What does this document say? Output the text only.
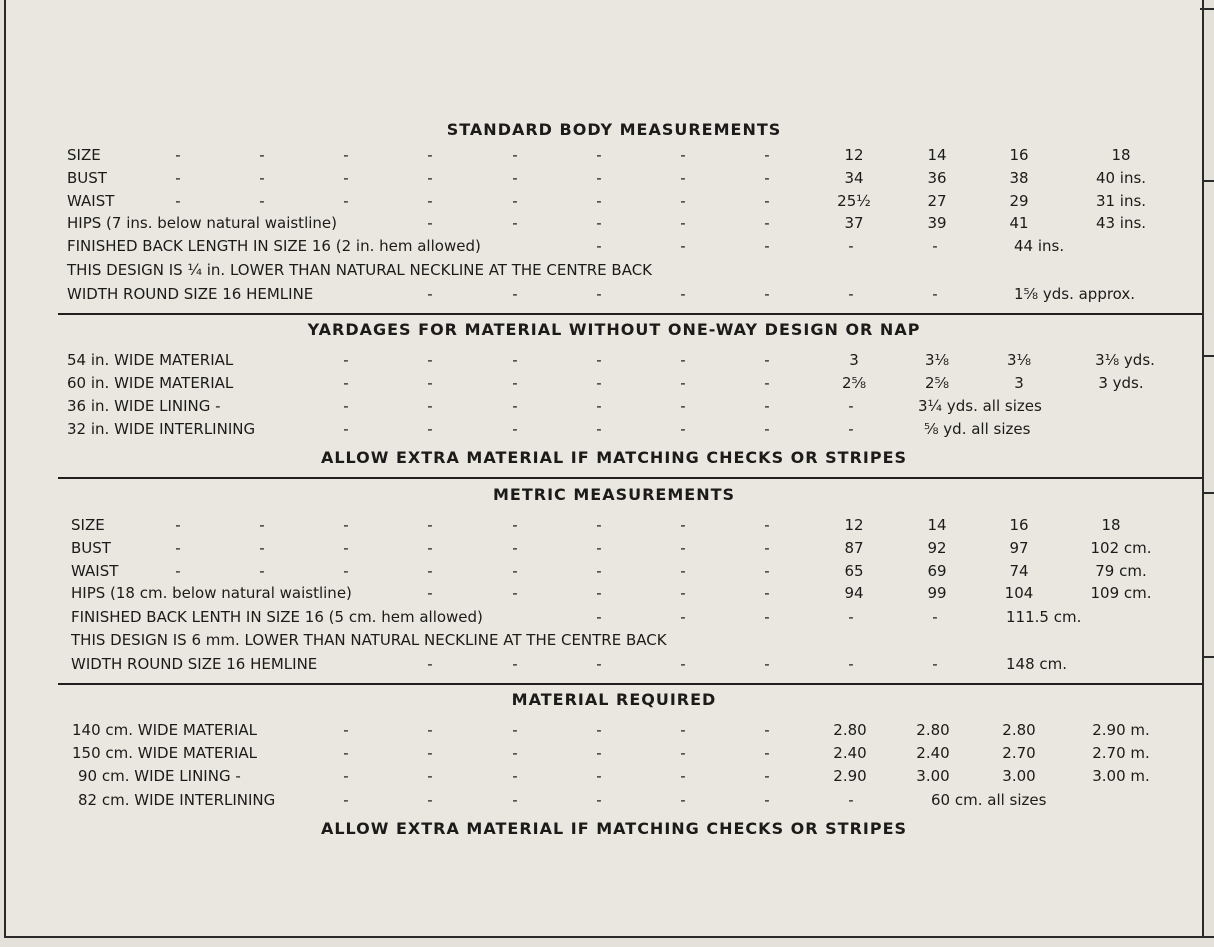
STANDARD BODY MEASUREMENTS
SIZE	12	14	16	18
-	-	-	-	-	-	-	-
BUST	34	36	38	40 ins.
-	-	-	-	-	-	-	-
WAIST	25½	27	29	31 ins.
-	-	-	-	-	-	-	-
HIPS (7 ins. below natural waistline)	37	39	41	43 ins.
-	-	-	-	-
FINISHED BACK LENGTH IN SIZE 16 (2 in. hem allowed)	44 ins.
-	-	-	-	-
THIS DESIGN IS ¼ in. LOWER THAN NATURAL NECKLINE AT THE CENTRE BACK
WIDTH ROUND SIZE 16 HEMLINE	1⅝ yds. approx.
-	-	-	-	-	-	-
YARDAGES FOR MATERIAL WITHOUT ONE-WAY DESIGN OR NAP
54 in. WIDE MATERIAL	3	3⅛	3⅛	3⅛ yds.
-	-	-	-	-	-
60 in. WIDE MATERIAL	2⅝	2⅝	3	3 yds.
-	-	-	-	-	-
36 in. WIDE LINING -	3¼ yds. all sizes
-	-	-	-	-	-	-
32 in. WIDE INTERLINING	⅝ yd. all sizes
-	-	-	-	-	-	-
ALLOW EXTRA MATERIAL IF MATCHING CHECKS OR STRIPES
METRIC MEASUREMENTS
SIZE	12	14	16	18
-	-	-	-	-	-	-	-
BUST	87	92	97	102 cm.
-	-	-	-	-	-	-	-
WAIST	65	69	74	79 cm.
-	-	-	-	-	-	-	-
HIPS (18 cm. below natural waistline)	94	99	104	109 cm.
-	-	-	-	-
FINISHED BACK LENTH IN SIZE 16 (5 cm. hem allowed)	111.5 cm.
-	-	-	-	-
THIS DESIGN IS 6 mm. LOWER THAN NATURAL NECKLINE AT THE CENTRE BACK
WIDTH ROUND SIZE 16 HEMLINE	148 cm.
-	-	-	-	-	-	-
MATERIAL REQUIRED
140 cm. WIDE MATERIAL	2.80	2.80	2.80	2.90 m.
-	-	-	-	-	-
150 cm. WIDE MATERIAL	2.40	2.40	2.70	2.70 m.
-	-	-	-	-	-
90 cm. WIDE LINING -	2.90	3.00	3.00	3.00 m.
-	-	-	-	-	-
82 cm. WIDE INTERLINING	60 cm. all sizes
-	-	-	-	-	-	-
ALLOW EXTRA MATERIAL IF MATCHING CHECKS OR STRIPES
